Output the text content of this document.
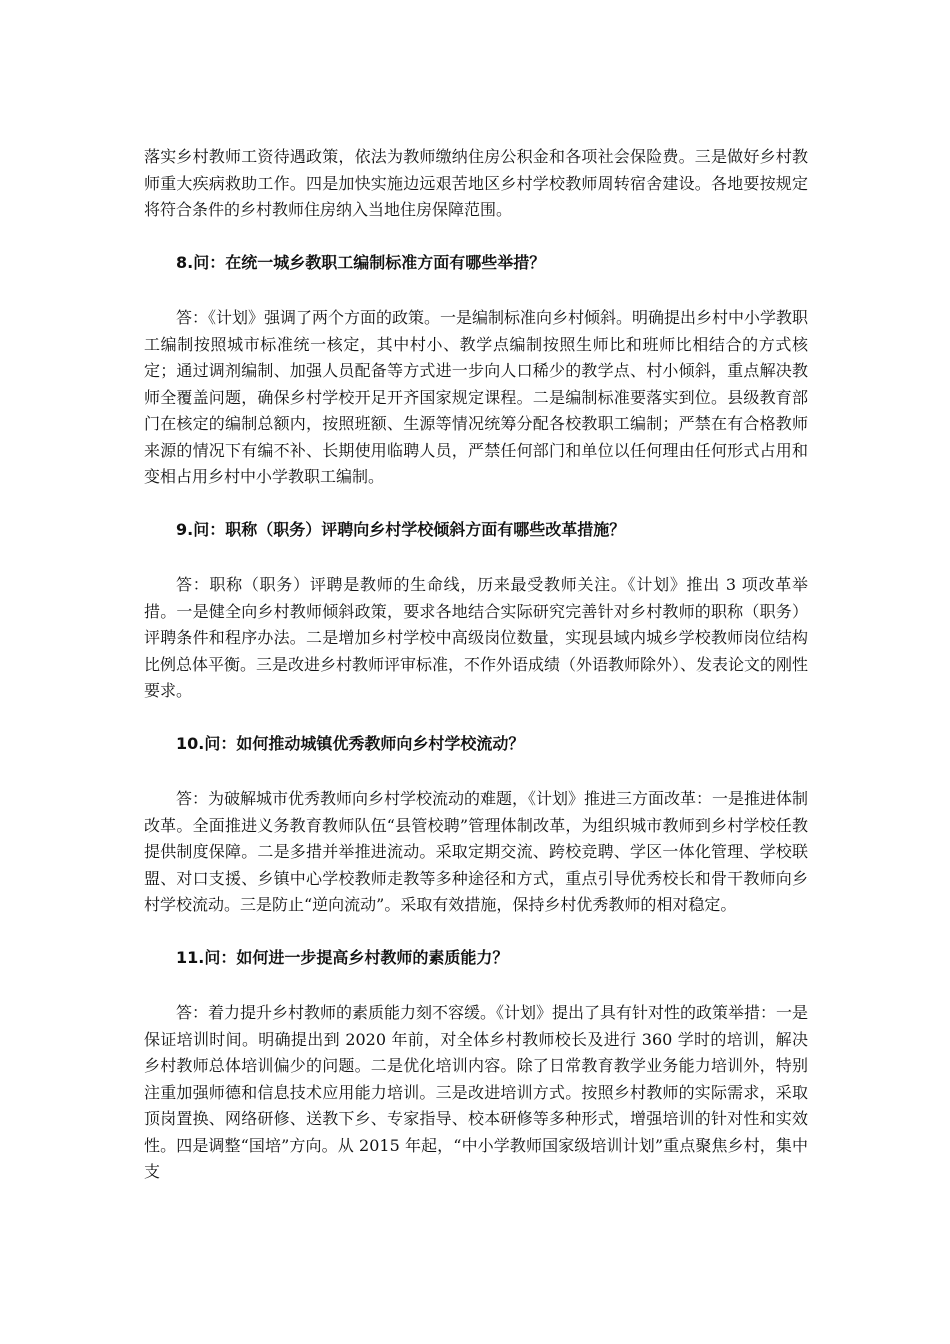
落实乡村教师工资待遇政策，依法为教师缴纳住房公积金和各项社会保险费。三是做好乡村教师重大疾病救助工作。四是加快实施边远艰苦地区乡村学校教师周转宿舍建设。各地要按规定将符合条件的乡村教师住房纳入当地住房保障范围。

8.问：在统一城乡教职工编制标准方面有哪些举措？

答：《计划》强调了两个方面的政策。一是编制标准向乡村倾斜。明确提出乡村中小学教职工编制按照城市标准统一核定，其中村小、教学点编制按照生师比和班师比相结合的方式核定；通过调剂编制、加强人员配备等方式进一步向人口稀少的教学点、村小倾斜，重点解决教师全覆盖问题，确保乡村学校开足开齐国家规定课程。二是编制标准要落实到位。县级教育部门在核定的编制总额内，按照班额、生源等情况统筹分配各校教职工编制；严禁在有合格教师来源的情况下有编不补、长期使用临聘人员，严禁任何部门和单位以任何理由任何形式占用和变相占用乡村中小学教职工编制。

9.问：职称（职务）评聘向乡村学校倾斜方面有哪些改革措施？

答：职称（职务）评聘是教师的生命线，历来最受教师关注。《计划》推出 3 项改革举措。一是健全向乡村教师倾斜政策，要求各地结合实际研究完善针对乡村教师的职称（职务）评聘条件和程序办法。二是增加乡村学校中高级岗位数量，实现县域内城乡学校教师岗位结构比例总体平衡。三是改进乡村教师评审标准，不作外语成绩（外语教师除外）、发表论文的刚性要求。

10.问：如何推动城镇优秀教师向乡村学校流动？

答：为破解城市优秀教师向乡村学校流动的难题，《计划》推进三方面改革：一是推进体制改革。全面推进义务教育教师队伍“县管校聘”管理体制改革，为组织城市教师到乡村学校任教提供制度保障。二是多措并举推进流动。采取定期交流、跨校竞聘、学区一体化管理、学校联盟、对口支援、乡镇中心学校教师走教等多种途径和方式，重点引导优秀校长和骨干教师向乡村学校流动。三是防止“逆向流动”。采取有效措施，保持乡村优秀教师的相对稳定。

11.问：如何进一步提高乡村教师的素质能力？

答：着力提升乡村教师的素质能力刻不容缓。《计划》提出了具有针对性的政策举措：一是保证培训时间。明确提出到 2020 年前，对全体乡村教师校长及进行 360 学时的培训，解决乡村教师总体培训偏少的问题。二是优化培训内容。除了日常教育教学业务能力培训外，特别注重加强师德和信息技术应用能力培训。三是改进培训方式。按照乡村教师的实际需求，采取顶岗置换、网络研修、送教下乡、专家指导、校本研修等多种形式，增强培训的针对性和实效性。四是调整“国培”方向。从 2015 年起，“中小学教师国家级培训计划”重点聚焦乡村，集中支
